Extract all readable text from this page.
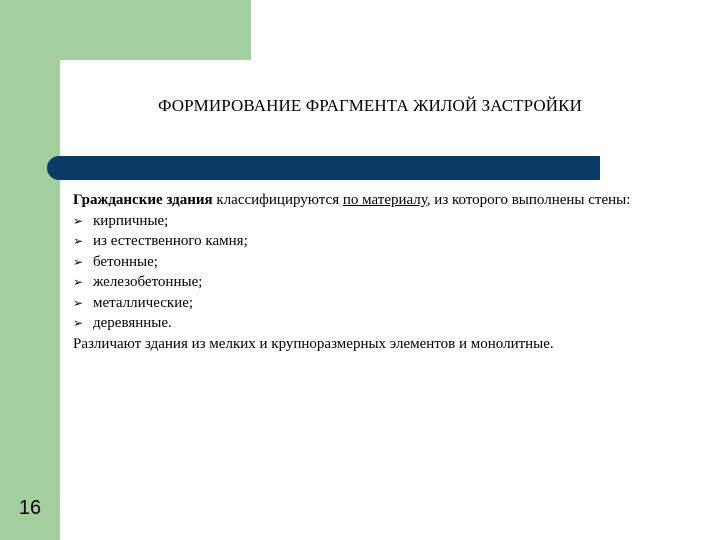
ФОРМИРОВАНИЕ ФРАГМЕНТА ЖИЛОЙ ЗАСТРОЙКИ

Гражданские здания классифицируются по материалу, из которого выполнены стены:

➢ кирпичные;
➢ из естественного камня;
➢ бетонные;
➢ железобетонные;
➢ металлические;
➢ деревянные.

Различают здания из мелких и крупноразмерных элементов и монолитные.

16
